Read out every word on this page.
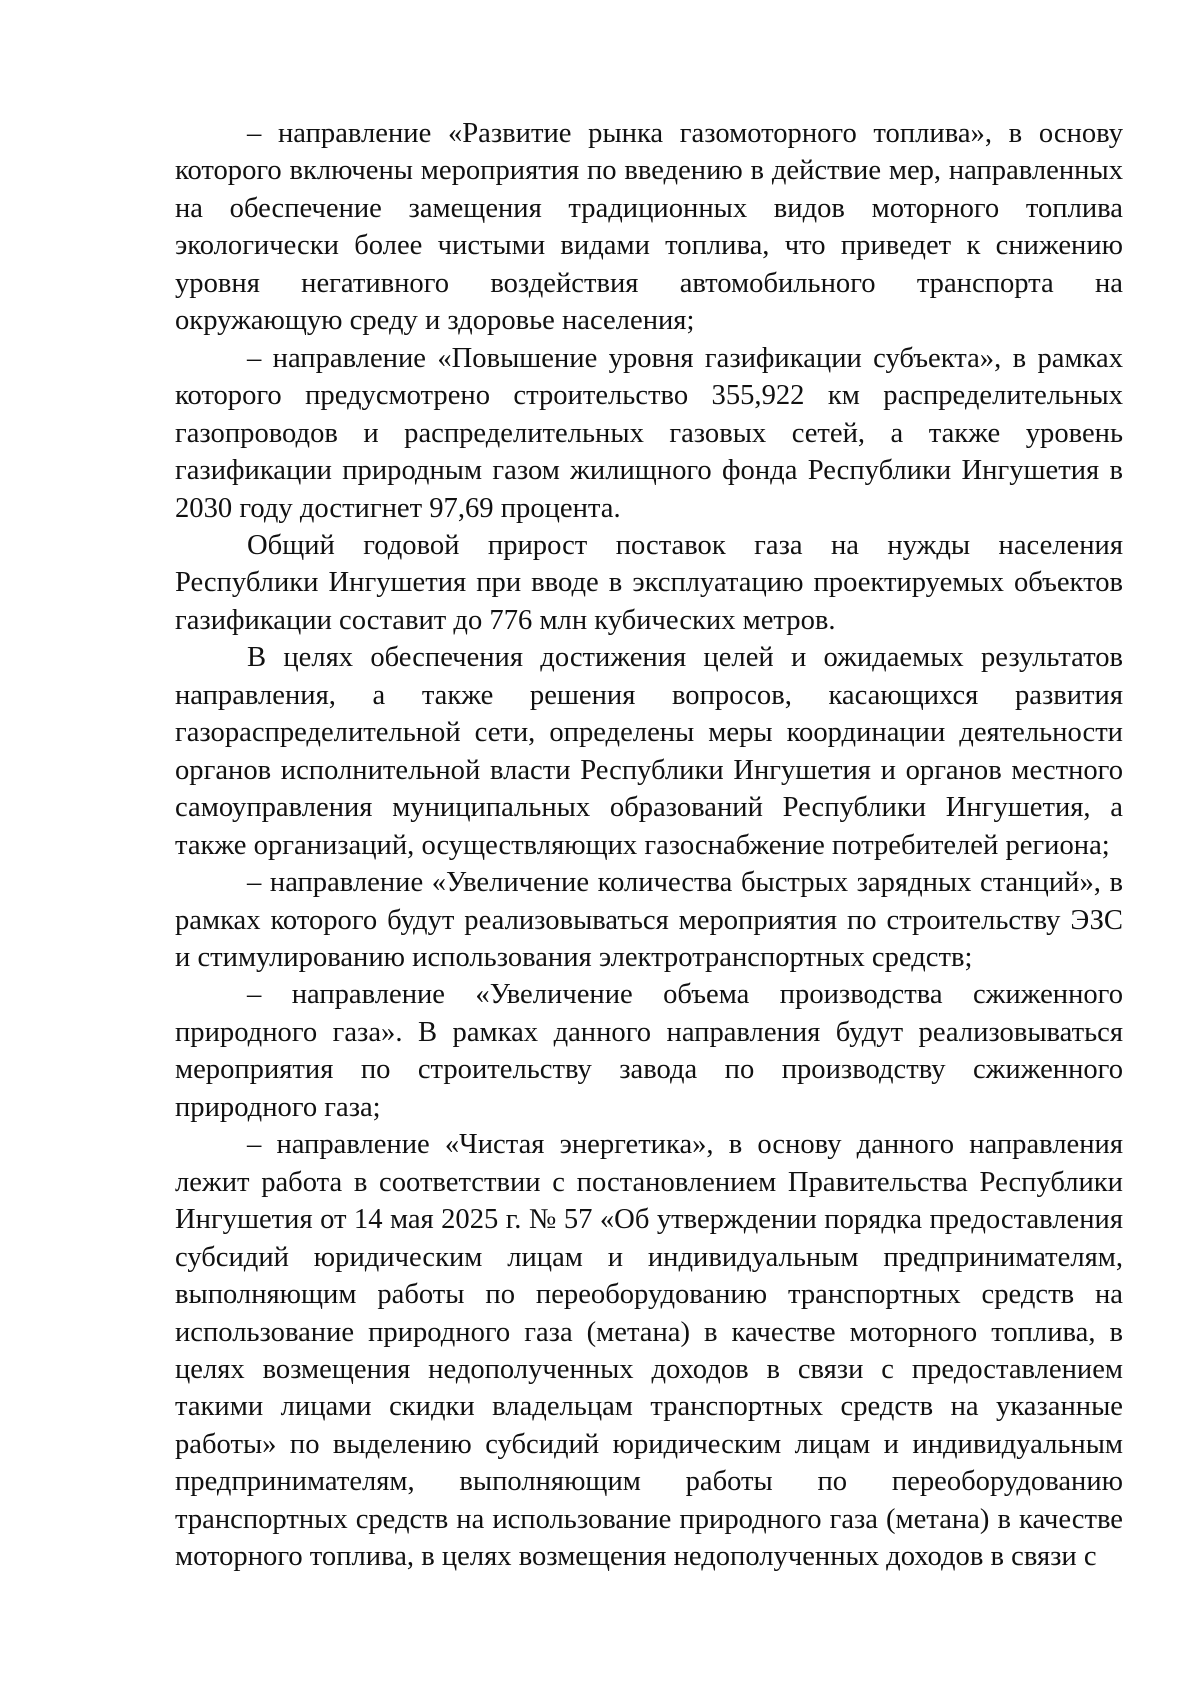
– направление «Развитие рынка газомоторного топлива», в основу которого включены мероприятия по введению в действие мер, направленных на обеспечение замещения традиционных видов моторного топлива экологически более чистыми видами топлива, что приведет к снижению уровня негативного воздействия автомобильного транспорта на окружающую среду и здоровье населения;

– направление «Повышение уровня газификации субъекта», в рамках которого предусмотрено строительство 355,922 км распределительных газопроводов и распределительных газовых сетей, а также уровень газификации природным газом жилищного фонда Республики Ингушетия в 2030 году достигнет 97,69 процента.

Общий годовой прирост поставок газа на нужды населения Республики Ингушетия при вводе в эксплуатацию проектируемых объектов газификации составит до 776 млн кубических метров.

В целях обеспечения достижения целей и ожидаемых результатов направления, а также решения вопросов, касающихся развития газораспределительной сети, определены меры координации деятельности органов исполнительной власти Республики Ингушетия и органов местного самоуправления муниципальных образований Республики Ингушетия, а также организаций, осуществляющих газоснабжение потребителей региона;

– направление «Увеличение количества быстрых зарядных станций», в рамках которого будут реализовываться мероприятия по строительству ЭЗС и стимулированию использования электротранспортных средств;

– направление «Увеличение объема производства сжиженного природного газа». В рамках данного направления будут реализовываться мероприятия по строительству завода по производству сжиженного природного газа;

– направление «Чистая энергетика», в основу данного направления лежит работа в соответствии с постановлением Правительства Республики Ингушетия от 14 мая 2025 г. № 57 «Об утверждении порядка предоставления субсидий юридическим лицам и индивидуальным предпринимателям, выполняющим работы по переоборудованию транспортных средств на использование природного газа (метана) в качестве моторного топлива, в целях возмещения недополученных доходов в связи с предоставлением такими лицами скидки владельцам транспортных средств на указанные работы» по выделению субсидий юридическим лицам и индивидуальным предпринимателям, выполняющим работы по переоборудованию транспортных средств на использование природного газа (метана) в качестве моторного топлива, в целях возмещения недополученных доходов в связи с
